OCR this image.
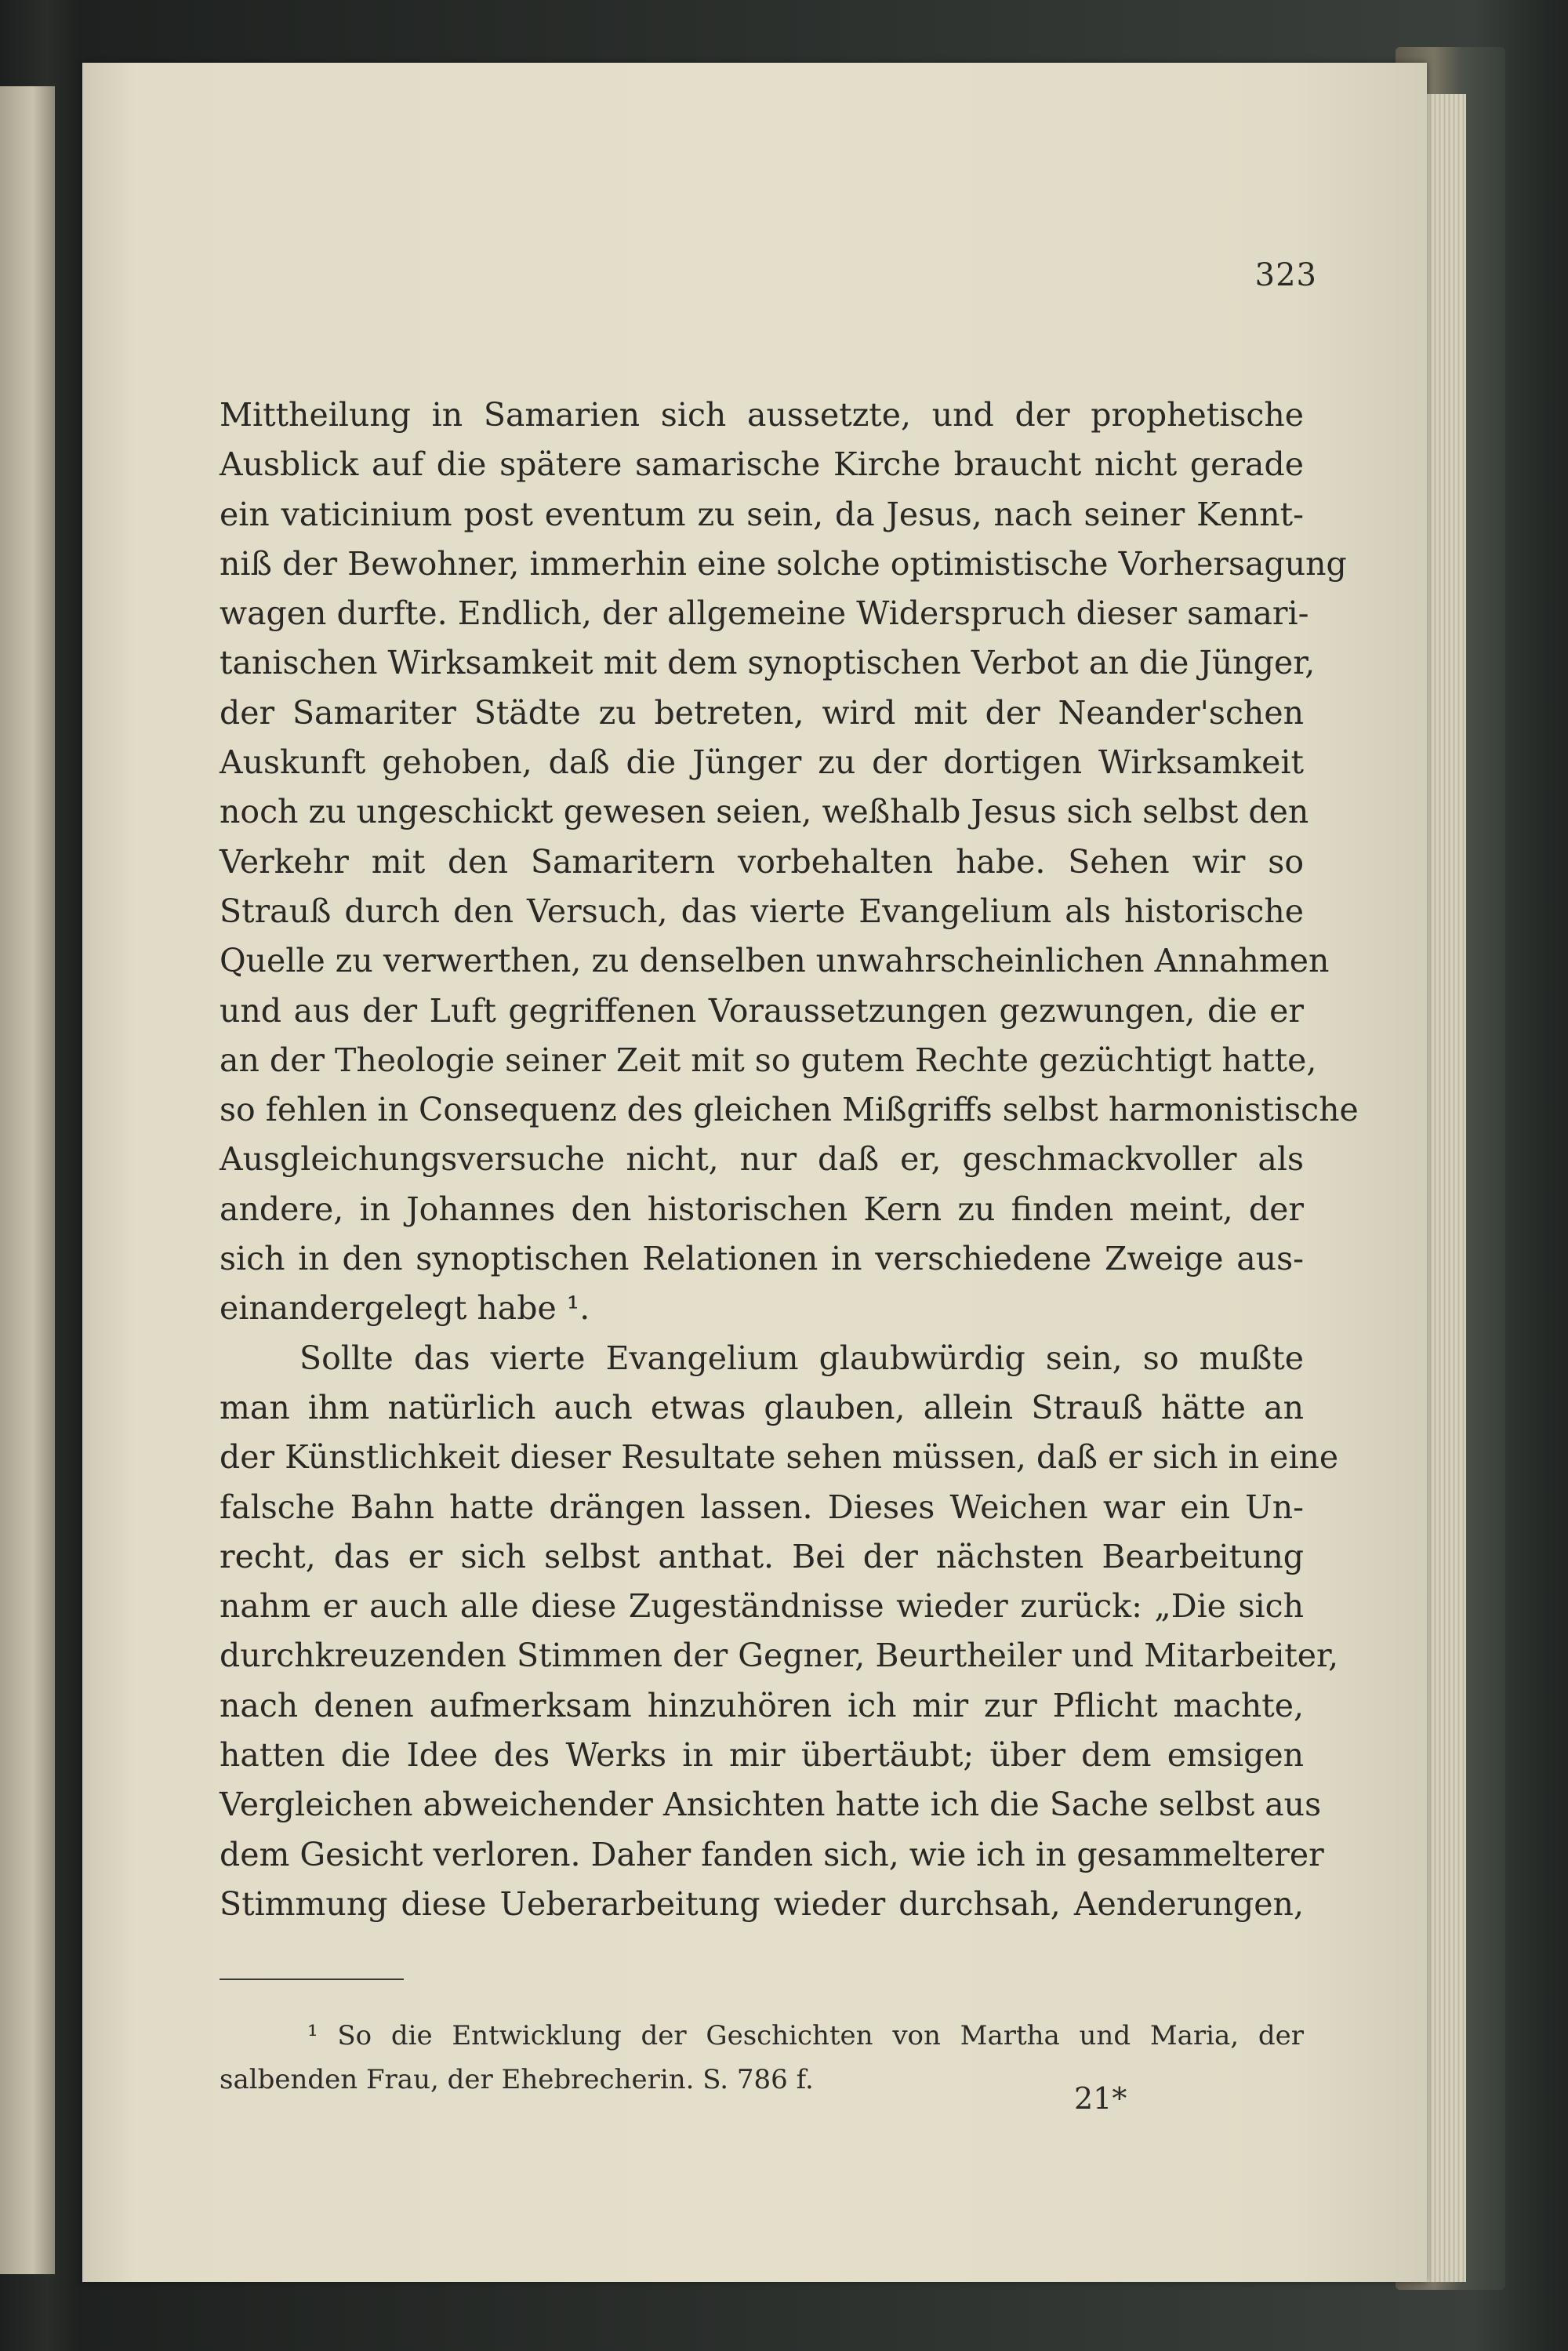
323
Mittheilung in Samarien sich aussetzte, und der prophetische
Ausblick auf die spätere samarische Kirche braucht nicht gerade
ein vaticinium post eventum zu sein, da Jesus, nach seiner Kennt-
niß der Bewohner, immerhin eine solche optimistische Vorhersagung
wagen durfte. Endlich, der allgemeine Widerspruch dieser samari-
tanischen Wirksamkeit mit dem synoptischen Verbot an die Jünger,
der Samariter Städte zu betreten, wird mit der Neander'schen
Auskunft gehoben, daß die Jünger zu der dortigen Wirksamkeit
noch zu ungeschickt gewesen seien, weßhalb Jesus sich selbst den
Verkehr mit den Samaritern vorbehalten habe. Sehen wir so
Strauß durch den Versuch, das vierte Evangelium als historische
Quelle zu verwerthen, zu denselben unwahrscheinlichen Annahmen
und aus der Luft gegriffenen Voraussetzungen gezwungen, die er
an der Theologie seiner Zeit mit so gutem Rechte gezüchtigt hatte,
so fehlen in Consequenz des gleichen Mißgriffs selbst harmonistische
Ausgleichungsversuche nicht, nur daß er, geschmackvoller als
andere, in Johannes den historischen Kern zu finden meint, der
sich in den synoptischen Relationen in verschiedene Zweige aus-
einandergelegt habe ¹.
Sollte das vierte Evangelium glaubwürdig sein, so mußte
man ihm natürlich auch etwas glauben, allein Strauß hätte an
der Künstlichkeit dieser Resultate sehen müssen, daß er sich in eine
falsche Bahn hatte drängen lassen. Dieses Weichen war ein Un-
recht, das er sich selbst anthat. Bei der nächsten Bearbeitung
nahm er auch alle diese Zugeständnisse wieder zurück: „Die sich
durchkreuzenden Stimmen der Gegner, Beurtheiler und Mitarbeiter,
nach denen aufmerksam hinzuhören ich mir zur Pflicht machte,
hatten die Idee des Werks in mir übertäubt; über dem emsigen
Vergleichen abweichender Ansichten hatte ich die Sache selbst aus
dem Gesicht verloren. Daher fanden sich, wie ich in gesammelterer
Stimmung diese Ueberarbeitung wieder durchsah, Aenderungen,
¹ So die Entwicklung der Geschichten von Martha und Maria, der
salbenden Frau, der Ehebrecherin. S. 786 f.
21*
